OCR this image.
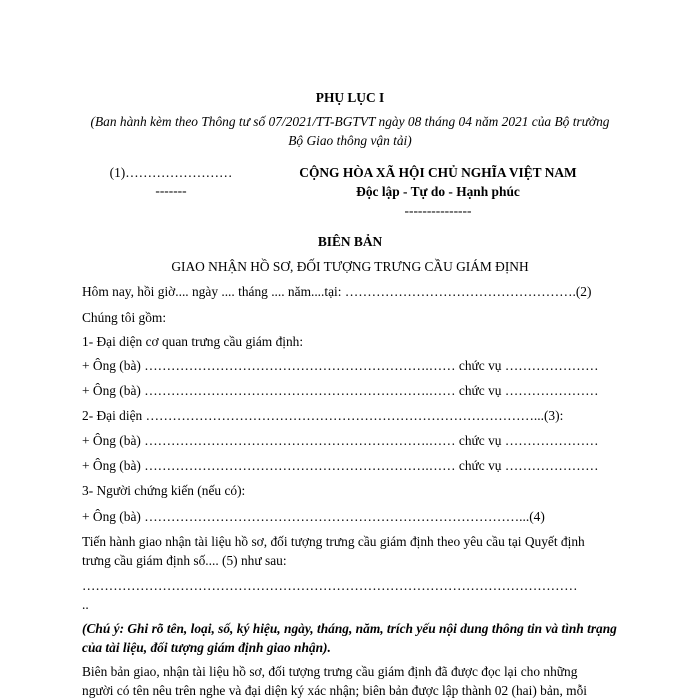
PHỤ LỤC I
(Ban hành kèm theo Thông tư số 07/2021/TT-BGTVT ngày 08 tháng 04 năm 2021 của Bộ trưởng
Bộ Giao thông vận tải)
(1)……………………
-------
CỘNG HÒA XÃ HỘI CHỦ NGHĨA VIỆT NAM
Độc lập - Tự do - Hạnh phúc
---------------
BIÊN BẢN
GIAO NHẬN HỒ SƠ, ĐỐI TƯỢNG TRƯNG CẦU GIÁM ĐỊNH
Hôm nay, hồi giờ.... ngày .... tháng .... năm....tại: …………………………………………….(2)
Chúng tôi gồm:
1- Đại diện cơ quan trưng cầu giám định:
+ Ông (bà) ……………………………………………………….…… chức vụ …………………
+ Ông (bà) ……………………………………………………….…… chức vụ …………………
2- Đại diện ……………………………………………………………………………...(3):
+ Ông (bà) ……………………………………………………….…… chức vụ …………………
+ Ông (bà) ……………………………………………………….…… chức vụ …………………
3- Người chứng kiến (nếu có):
+ Ông (bà) …………………………………………………………………………...(4)
Tiến hành giao nhận tài liệu hồ sơ, đối tượng trưng cầu giám định theo yêu cầu tại Quyết định
trưng cầu giám định số.... (5) như sau:
…………………………………………………………………………………………………
..
(Chú ý: Ghi rõ tên, loại, số, ký hiệu, ngày, tháng, năm, trích yếu nội dung thông tin và tình trạng
của tài liệu, đối tượng giám định giao nhận).
Biên bản giao, nhận tài liệu hồ sơ, đối tượng trưng cầu giám định đã được đọc lại cho những
người có tên nêu trên nghe và đại diện ký xác nhận; biên bản được lập thành 02 (hai) bản, mỗi
